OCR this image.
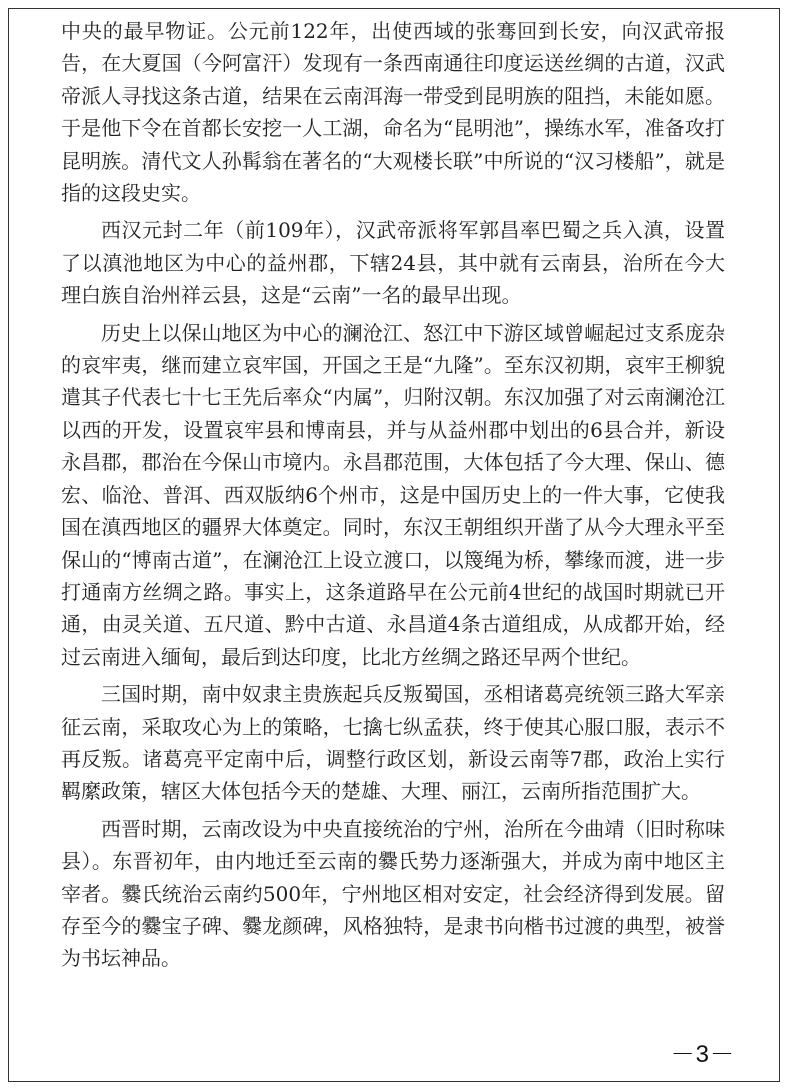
中央的最早物证。公元前122年，出使西域的张骞回到长安，向汉武帝报告，在大夏国（今阿富汗）发现有一条西南通往印度运送丝绸的古道，汉武帝派人寻找这条古道，结果在云南洱海一带受到昆明族的阻挡，未能如愿。于是他下令在首都长安挖一人工湖，命名为“昆明池”，操练水军，准备攻打昆明族。清代文人孙髯翁在著名的“大观楼长联”中所说的“汉习楼船”，就是指的这段史实。

西汉元封二年（前109年），汉武帝派将军郭昌率巴蜀之兵入滇，设置了以滇池地区为中心的益州郡，下辖24县，其中就有云南县，治所在今大理白族自治州祥云县，这是“云南”一名的最早出现。

历史上以保山地区为中心的澜沧江、怒江中下游区域曾崛起过支系庞杂的哀牢夷，继而建立哀牢国，开国之王是“九隆”。至东汉初期，哀牢王柳貌遣其子代表七十七王先后率众“内属”，归附汉朝。东汉加强了对云南澜沧江以西的开发，设置哀牢县和博南县，并与从益州郡中划出的6县合并，新设永昌郡，郡治在今保山市境内。永昌郡范围，大体包括了今大理、保山、德宏、临沧、普洱、西双版纳6个州市，这是中国历史上的一件大事，它使我国在滇西地区的疆界大体奠定。同时，东汉王朝组织开凿了从今大理永平至保山的“博南古道”，在澜沧江上设立渡口，以篾绳为桥，攀缘而渡，进一步打通南方丝绸之路。事实上，这条道路早在公元前4世纪的战国时期就已开通，由灵关道、五尺道、黔中古道、永昌道4条古道组成，从成都开始，经过云南进入缅甸，最后到达印度，比北方丝绸之路还早两个世纪。

三国时期，南中奴隶主贵族起兵反叛蜀国，丞相诸葛亮统领三路大军亲征云南，采取攻心为上的策略，七擒七纵孟获，终于使其心服口服，表示不再反叛。诸葛亮平定南中后，调整行政区划，新设云南等7郡，政治上实行羁縻政策，辖区大体包括今天的楚雄、大理、丽江，云南所指范围扩大。

西晋时期，云南改设为中央直接统治的宁州，治所在今曲靖（旧时称味县）。东晋初年，由内地迁至云南的爨氏势力逐渐强大，并成为南中地区主宰者。爨氏统治云南约500年，宁州地区相对安定，社会经济得到发展。留存至今的爨宝子碑、爨龙颜碑，风格独特，是隶书向楷书过渡的典型，被誉为书坛神品。

－3－
